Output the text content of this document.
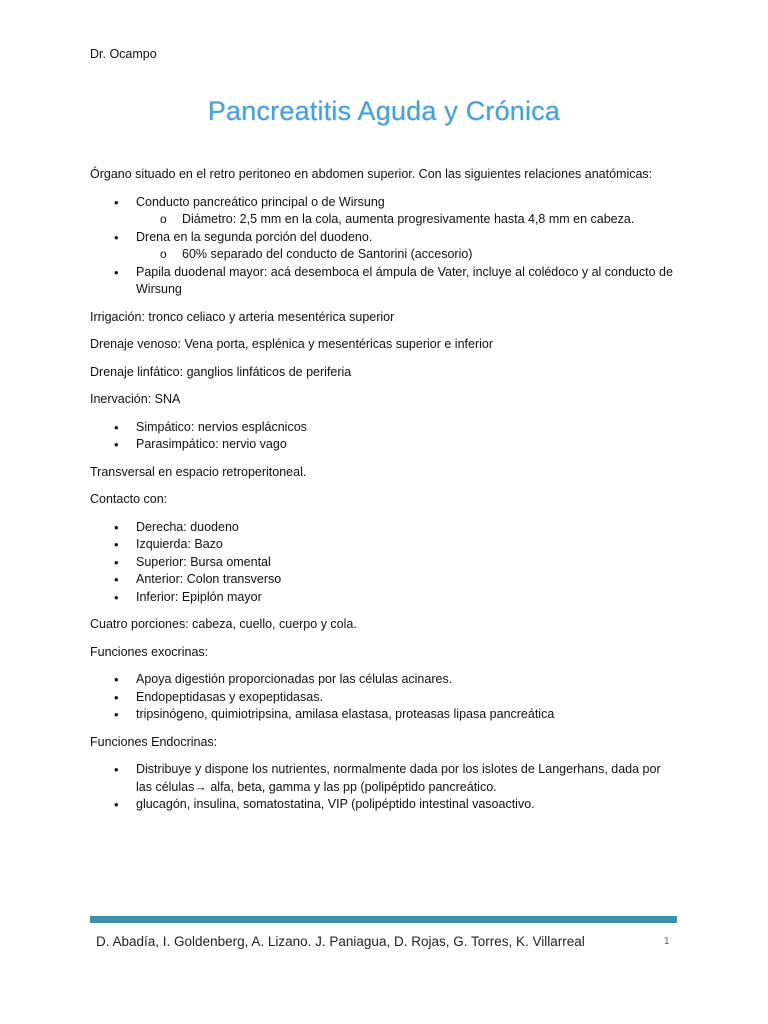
Dr. Ocampo
Pancreatitis Aguda y Crónica

Órgano situado en el retro peritoneo en abdomen superior. Con las siguientes relaciones anatómicas:

• Conducto pancreático principal o de Wirsung
o Diámetro: 2,5 mm en la cola, aumenta progresivamente hasta 4,8 mm en cabeza.
• Drena en la segunda porción del duodeno.
o 60% separado del conducto de Santorini (accesorio)
• Papila duodenal mayor: acá desemboca el ámpula de Vater, incluye al colédoco y al conducto de Wirsung

Irrigación: tronco celiaco y arteria mesentérica superior

Drenaje venoso: Vena porta, esplénica y mesentéricas superior e inferior

Drenaje linfático: ganglios linfáticos de periferia

Inervación: SNA

• Simpático: nervios esplácnicos
• Parasimpático: nervio vago

Transversal en espacio retroperitoneal.

Contacto con:

• Derecha: duodeno
• Izquierda: Bazo
• Superior: Bursa omental
• Anterior: Colon transverso
• Inferior: Epiplón mayor

Cuatro porciones: cabeza, cuello, cuerpo y cola.

Funciones exocrinas:

• Apoya digestión proporcionadas por las células acinares.
• Endopeptidasas y exopeptidasas.
• tripsinógeno, quimiotripsina, amilasa elastasa, proteasas lipasa pancreática

Funciones Endocrinas:

• Distribuye y dispone los nutrientes, normalmente dada por los islotes de Langerhans, dada por las células→ alfa, beta, gamma y las pp (polipéptido pancreático.
• glucagón, insulina, somatostatina, VIP (polipéptido intestinal vasoactivo.
D. Abadía, I. Goldenberg, A. Lizano. J. Paniagua, D. Rojas, G. Torres, K. Villarreal	1
